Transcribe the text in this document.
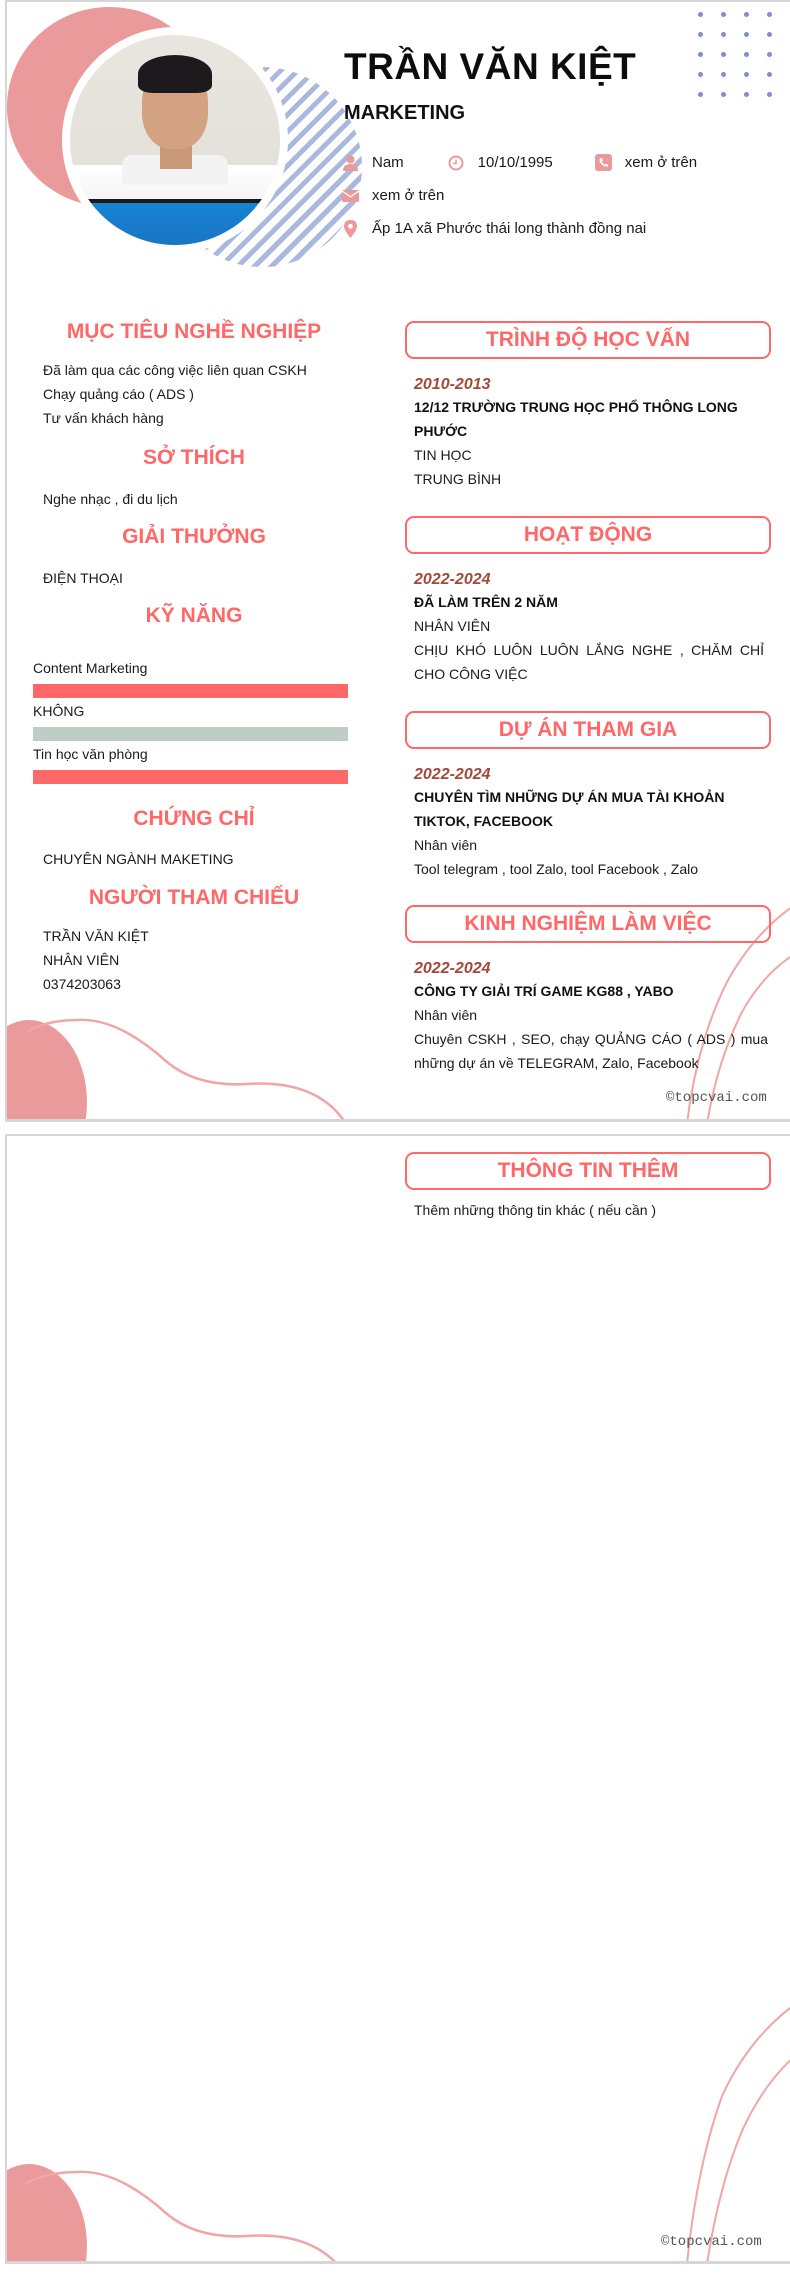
TRẦN VĂN KIỆT
MARKETING
Nam	10/10/1995	xem ở trên
xem ở trên
Ấp 1A xã Phước thái long thành đồng nai
MỤC TIÊU NGHỀ NGHIỆP
Đã làm qua các công việc liên quan CSKH
Chạy quảng cáo ( ADS )
Tư vấn khách hàng
SỞ THÍCH
Nghe nhạc , đi du lịch
GIẢI THƯỞNG
ĐIỆN THOẠI
KỸ NĂNG
Content Marketing
KHÔNG
Tin học văn phòng
CHỨNG CHỈ
CHUYÊN NGÀNH MAKETING
NGƯỜI THAM CHIẾU
TRẦN VĂN KIỆT
NHÂN VIÊN
0374203063
TRÌNH ĐỘ HỌC VẤN
2010-2013
12/12 TRƯỜNG TRUNG HỌC PHỔ THÔNG LONG PHƯỚC
TIN HỌC
TRUNG BÌNH
HOẠT ĐỘNG
2022-2024
ĐÃ LÀM TRÊN 2 NĂM
NHÂN VIÊN
CHỊU KHÓ LUÔN LUÔN LẮNG NGHE , CHĂM CHỈ CHO CÔNG VIỆC
DỰ ÁN THAM GIA
2022-2024
CHUYÊN TÌM NHỮNG DỰ ÁN MUA TÀI KHOẢN TIKTOK, FACEBOOK
Nhân viên
Tool telegram , tool Zalo, tool Facebook , Zalo
KINH NGHIỆM LÀM VIỆC
2022-2024
CÔNG TY GIẢI TRÍ GAME KG88 , YABO
Nhân viên
Chuyên CSKH , SEO, chạy QUẢNG CÁO ( ADS ) mua những dự án về TELEGRAM, Zalo, Facebook
©topcvai.com
THÔNG TIN THÊM
Thêm những thông tin khác ( nếu cần )
©topcvai.com
